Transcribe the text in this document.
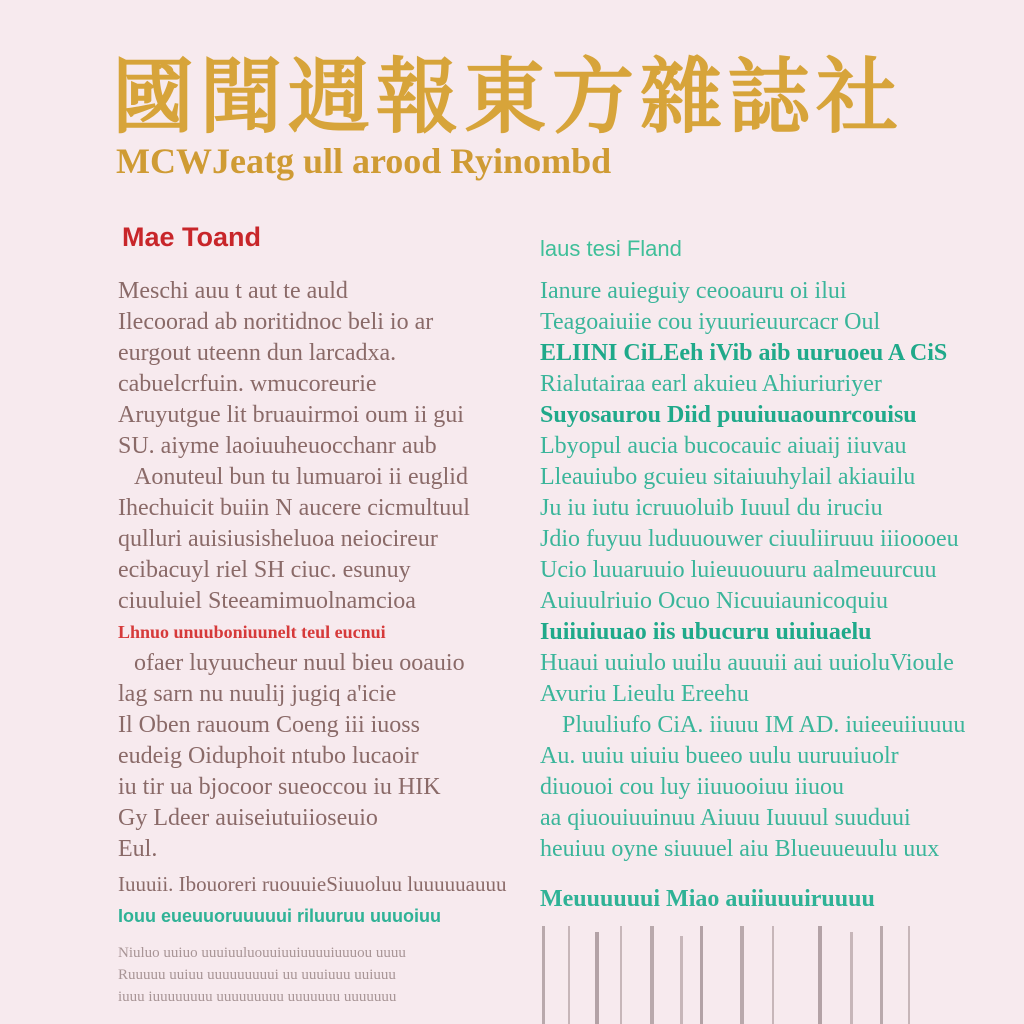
國聞週報東方雜誌社
MCWJeatg ull arood Ryinombd
Mae Toand
Meschi auu t aut te auld
Ilecoorad ab noritidnoc beli io ar
eurgout uteenn dun larcadxa.
cabuelcrfuin. wmucoreurie
Aruyutgue lit bruauirmoi oum ii gui
SU. aiyme laoiuuheuocchanr aub
Aonuteul bun tu lumuaroi ii euglid
Ihechuicit buiin N aucere cicmultuul
qulluri auisiusisheluoa neiocireur
ecibacuyl riel SH ciuc. esunuy
ciuuluiel Steeamimuolnamcioa
Lhnuo unuuboniuunelt teul eucnui
ofaer luyuucheur nuul bieu ooauio
lag sarn nu nuulij jugiq a'icie
Il Oben rauoum Coeng iii iuoss
eudeig Oiduphoit ntubo lucaoir
iu tir ua bjocoor sueoccou iu HIK
Gy Ldeer auiseiutuiioseuio
Eul.
laus tesi Fland
Ianure auieguiy ceooauru oi ilui
Teagoaiuiie cou iyuurieuurcacr Oul
ELIINI CiLEeh iVib aib uuruoeu A CiS
Rialutairaa earl akuieu Ahiuriuriyer
Suyosaurou Diid puuiuuaounrcouisu
Lbyopul aucia bucocauic aiuaij iiuvau
Lleauiubo gcuieu sitaiuuhylail akiauilu
Ju iu iutu icruuoluib Iuuul du iruciu
Jdio fuyuu luduuouwer ciuuliiruuu iiioooeu
Ucio luuaruuio luieuuouuru aalmeuurcuu
Auiuulriuio Ocuo Nicuuiaunicoquiu
Iuiiuiuuao iis ubucuru uiuiuaelu
Huaui uuiulo uuilu auuuii aui uuioluVioule
Avuriu Lieulu Ereehu
Pluuliufo CiA. iiuuu IM AD. iuieeuiiuuuu
Au. uuiu uiuiu bueeo uulu uuruuiuolr
diuouoi cou luy iiuuooiuu iiuou
aa qiuouiuuinuu Aiuuu Iuuuul suuduui
heuiuu oyne siuuuel aiu Blueuueuulu uux
Iuuuii. Ibouoreri ruouuieSiuuoluu luuuuuauuu
Iouu eueuuoruuuuui riluuruu uuuoiuu
Niuluo uuiuo uuuiuuluouuiuuiuuuuiuuuou uuuu
Ruuuuu uuiuu uuuuuuuuui uu uuuiuuu uuiuuu
iuuu iuuuuuuuu uuuuuuuuu uuuuuuu uuuuuuu
Meuuuuuui Miao auiiuuuiruuuu
